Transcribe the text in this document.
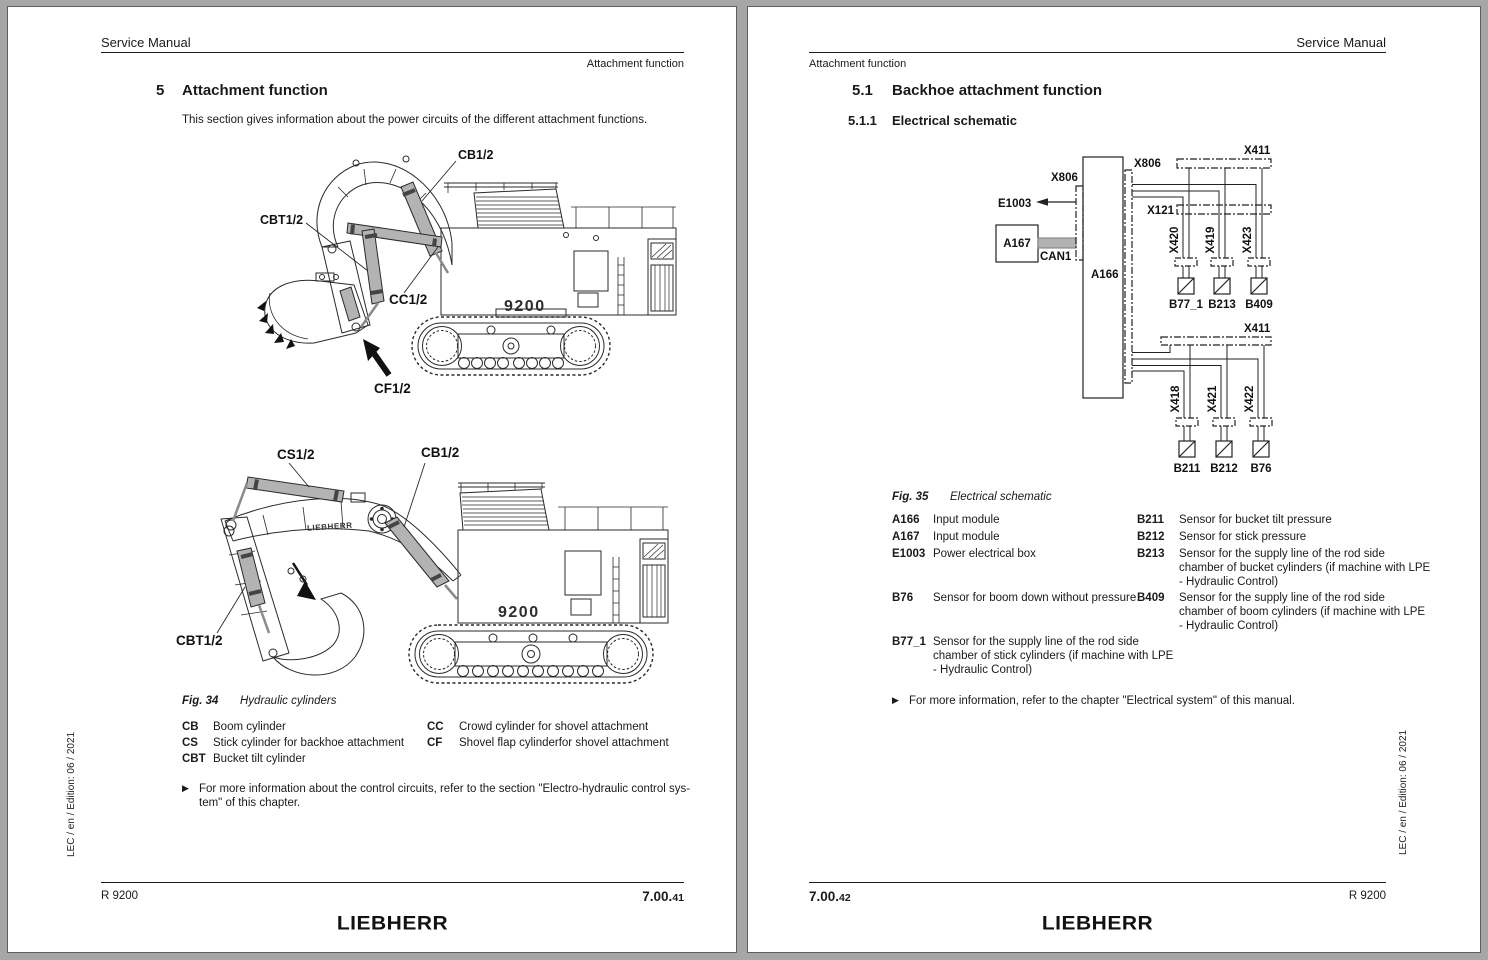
Service Manual
Attachment function
5 Attachment function
This section gives information about the power circuits of the different attachment functions.
9200
CB1/2
CBT1/2
CC1/2
CF1/2
9200
LIEBHERR
CS1/2	CB1/2
CBT1/2
Fig. 34 Hydraulic cylinders
CB Boom cylinder	CC Crowd cylinder for shovel attachment
CS Stick cylinder for backhoe attachment CF Shovel flap cylinderfor shovel attachment
CBT Bucket tilt cylinder
▶ For more information about the control circuits, refer to the section "Electro-hydraulic control sys-
tem" of this chapter.
LEC / en / Edition: 06 / 2021
R 9200	7.00.41
LIEBHERR
Service Manual
Attachment function
5.1 Backhoe attachment function
5.1.1 Electrical schematic
E1003
A167
CAN1
X806
A166
X806
X411
X121
X411
X420 X419 X423
B77_1 B213 B409
X418 X421 X422
B211 B212 B76
Fig. 35 Electrical schematic
A166 Input module
A167 Input module
E1003 Power electrical box
B76 Sensor for boom down without pressure
B77_1 Sensor for the supply line of the rod side chamber of stick cylinders (if machine with LPE - Hydraulic Control)
B211 Sensor for bucket tilt pressure
B212 Sensor for stick pressure
B213 Sensor for the supply line of the rod side chamber of bucket cylinders (if machine with LPE - Hydraulic Control)
B409 Sensor for the supply line of the rod side chamber of boom cylinders (if machine with LPE - Hydraulic Control)
▶ For more information, refer to the chapter "Electrical system" of this manual.
LEC / en / Edition: 06 / 2021
7.00.42	R 9200
LIEBHERR
